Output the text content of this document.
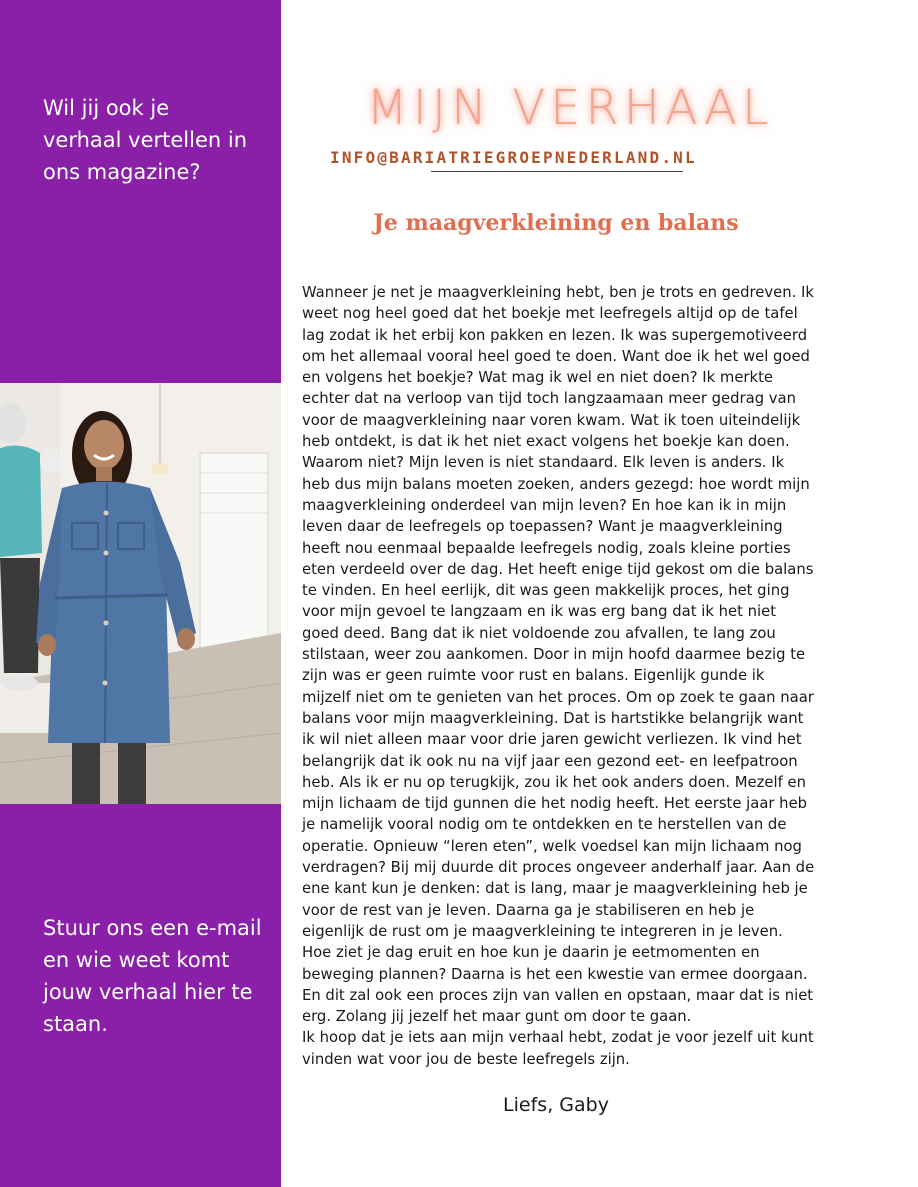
Wil jij ook je verhaal vertellen in ons magazine?
Stuur ons een e-mail en wie weet komt jouw verhaal hier te staan.
MIJN VERHAAL
INFO@BARIATRIEGROEPNEDERLAND.NL
Je maagverkleining en balans

Wanneer je net je maagverkleining hebt, ben je trots en gedreven. Ik weet nog heel goed dat het boekje met leefregels altijd op de tafel lag zodat ik het erbij kon pakken en lezen. Ik was supergemotiveerd om het allemaal vooral heel goed te doen. Want doe ik het wel goed en volgens het boekje? Wat mag ik wel en niet doen? Ik merkte echter dat na verloop van tijd toch langzaamaan meer gedrag van voor de maagverkleining naar voren kwam. Wat ik toen uiteindelijk heb ontdekt, is dat ik het niet exact volgens het boekje kan doen. Waarom niet? Mijn leven is niet standaard. Elk leven is anders. Ik heb dus mijn balans moeten zoeken, anders gezegd: hoe wordt mijn maagverkleining onderdeel van mijn leven? En hoe kan ik in mijn leven daar de leefregels op toepassen? Want je maagverkleining heeft nou eenmaal bepaalde leefregels nodig, zoals kleine porties eten verdeeld over de dag. Het heeft enige tijd gekost om die balans te vinden. En heel eerlijk, dit was geen makkelijk proces, het ging voor mijn gevoel te langzaam en ik was erg bang dat ik het niet goed deed. Bang dat ik niet voldoende zou afvallen, te lang zou stilstaan, weer zou aankomen. Door in mijn hoofd daarmee bezig te zijn was er geen ruimte voor rust en balans. Eigenlijk gunde ik mijzelf niet om te genieten van het proces. Om op zoek te gaan naar balans voor mijn maagverkleining. Dat is hartstikke belangrijk want ik wil niet alleen maar voor drie jaren gewicht verliezen. Ik vind het belangrijk dat ik ook nu na vijf jaar een gezond eet- en leefpatroon heb. Als ik er nu op terugkijk, zou ik het ook anders doen. Mezelf en mijn lichaam de tijd gunnen die het nodig heeft. Het eerste jaar heb je namelijk vooral nodig om te ontdekken en te herstellen van de operatie. Opnieuw “leren eten”, welk voedsel kan mijn lichaam nog verdragen? Bij mij duurde dit proces ongeveer anderhalf jaar. Aan de ene kant kun je denken: dat is lang, maar je maagverkleining heb je voor de rest van je leven. Daarna ga je stabiliseren en heb je eigenlijk de rust om je maagverkleining te integreren in je leven. Hoe ziet je dag eruit en hoe kun je daarin je eetmomenten en beweging plannen? Daarna is het een kwestie van ermee doorgaan. En dit zal ook een proces zijn van vallen en opstaan, maar dat is niet erg. Zolang jij jezelf het maar gunt om door te gaan.

Ik hoop dat je iets aan mijn verhaal hebt, zodat je voor jezelf uit kunt vinden wat voor jou de beste leefregels zijn.

Liefs, Gaby
